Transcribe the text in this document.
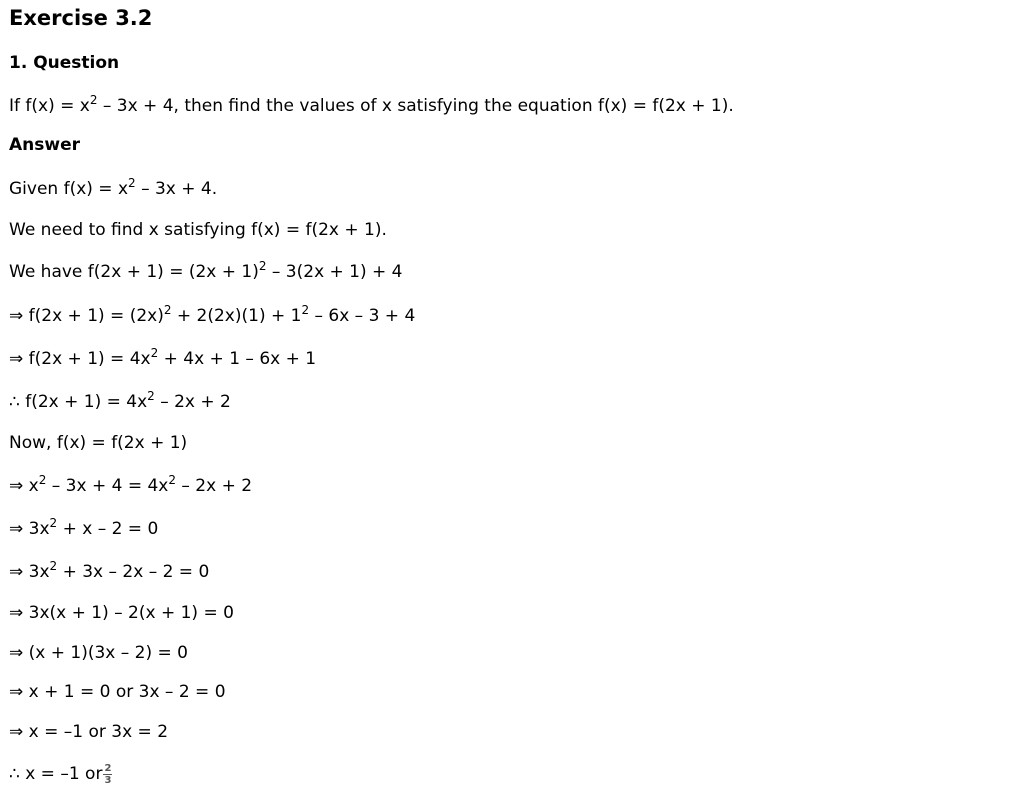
Exercise 3.2
1. Question
If $f(x) = x^2 - 3x + 4$, then find the values of x satisfying the equation f(x) = f(2x + 1).
Answer
Given $f(x) = x^2 - 3x + 4$.
We need to find x satisfying f(x) = f(2x + 1).
We have $f(2x + 1) = (2x + 1)^2 - 3(2x + 1) + 4$
⇒ $f(2x + 1) = (2x)^2 + 2(2x)(1) + 1^2 - 6x - 3 + 4$
⇒ $f(2x + 1) = 4x^2 + 4x + 1 - 6x + 1$
∴ $f(2x + 1) = 4x^2 - 2x + 2$
Now, f(x) = f(2x + 1)
⇒ $x^2 - 3x + 4 = 4x^2 - 2x + 2$
⇒ $3x^2 + x - 2 = 0$
⇒ $3x^2 + 3x - 2x - 2 = 0$
⇒ 3x(x + 1) – 2(x + 1) = 0
⇒ (x + 1)(3x – 2) = 0
⇒ x + 1 = 0 or 3x – 2 = 0
⇒ x = –1 or 3x = 2
∴ x = –1 or $\frac{2}{3}$
